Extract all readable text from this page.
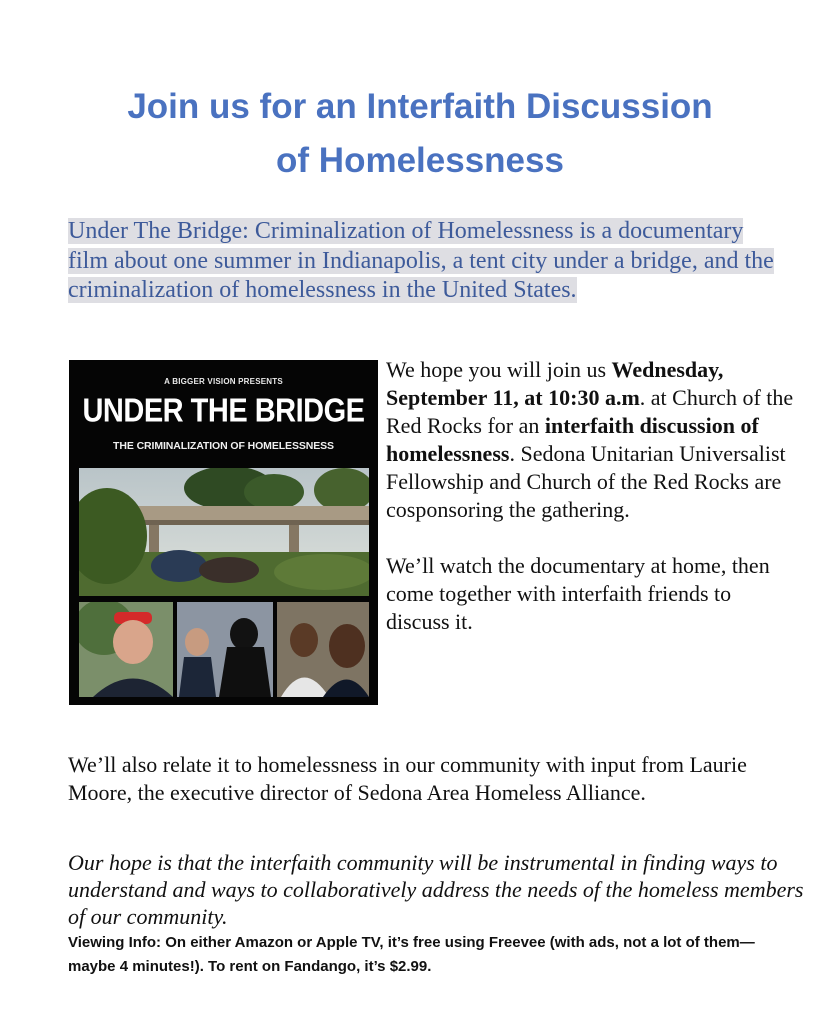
Join us for an Interfaith Discussion
of Homelessness

Under The Bridge: Criminalization of Homelessness is a documentary film about one summer in Indianapolis, a tent city under a bridge, and the criminalization of homelessness in the United States.

A BIGGER VISION PRESENTS
UNDER THE BRIDGE
THE CRIMINALIZATION OF HOMELESSNESS

We hope you will join us Wednesday, September 11, at 10:30 a.m. at Church of the Red Rocks for an interfaith discussion of homelessness. Sedona Unitarian Universalist Fellowship and Church of the Red Rocks are cosponsoring the gathering.

We’ll watch the documentary at home, then come together with interfaith friends to discuss it.

We’ll also relate it to homelessness in our community with input from Laurie Moore, the executive director of Sedona Area Homeless Alliance.

Our hope is that the interfaith community will be instrumental in finding ways to understand and ways to collaboratively address the needs of the homeless members of our community.

Viewing Info: On either Amazon or Apple TV, it’s free using Freevee (with ads, not a lot of them—maybe 4 minutes!). To rent on Fandango, it’s $2.99.
